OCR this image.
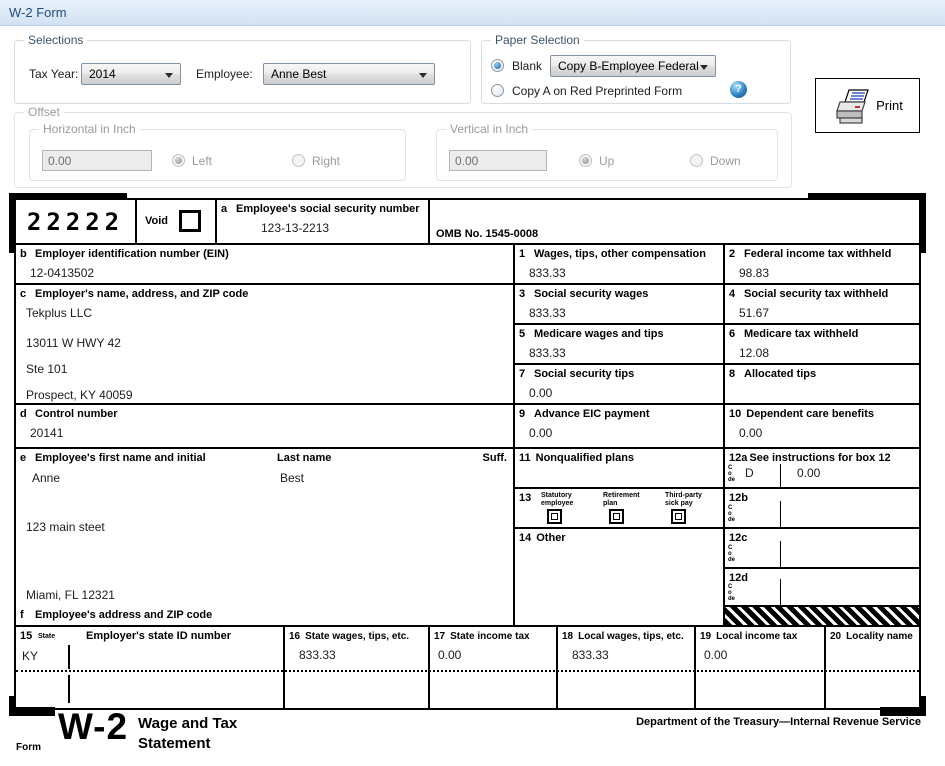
W-2 Form
Selections
Tax Year: 2014	Employee:	Anne Best
Paper Selection
Blank	Copy B-Employee Federal
Copy A on Red Preprinted Form	?
Print
Offset
Horizontal in Inch
0.00
Left	Right
Vertical in Inch
0.00
Up	Down
22222	Void
a Employee's social security number
123-13-2213	OMB No. 1545-0008
b Employer identification number (EIN)
12-0413502
1 Wages, tips, other compensation
833.33
2 Federal income tax withheld
98.83
c Employer's name, address, and ZIP code
Tekplus LLC
13011 W HWY 42
Ste 101
Prospect, KY 40059
3 Social security wages
833.33
4 Social security tax withheld
51.67
5 Medicare wages and tips
833.33
6 Medicare tax withheld
12.08
7 Social security tips
0.00
8 Allocated tips
d Control number
20141
9 Advance EIC payment
0.00
10 Dependent care benefits
0.00
e Employee's first name and initial	Last name	Suff.
Anne	Best
123 main steet
Miami, FL 12321
f Employee's address and ZIP code
11 Nonqualified plans	12a See instructions for box 12
Code D	0.00
13 Statutory
employee
Retirement
plan
Third-party
sick pay	12b
Code
14 Other	12c
Code
12d
Code
15 State	Employer's state ID number
KY
16 State wages, tips, etc.
833.33
17 State income tax
0.00
18 Local wages, tips, etc.
833.33
19 Local income tax
0.00
20 Locality name
Form
W-2 Wage and Tax
Statement
Department of the Treasury—Internal Revenue Service
